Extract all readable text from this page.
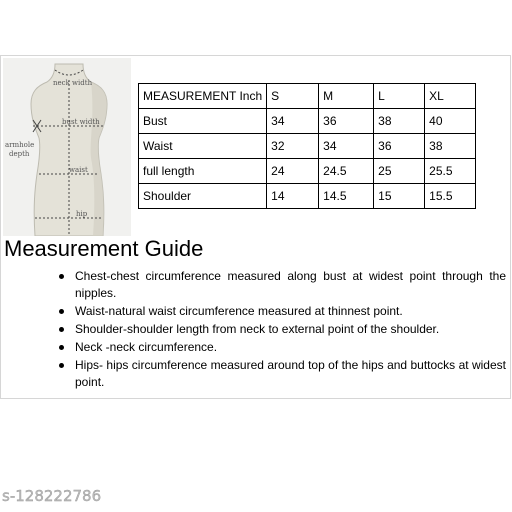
neck width
bust width
armhole
depth
waist
hip
MEASUREMENT Inch	S	M	L	XL
Bust	34	36	38	40
Waist	32	34	36	38
full length	24	24.5	25	25.5
Shoulder	14	14.5	15	15.5
Measurement Guide
Chest-chest circumference measured along bust at widest point through the nipples.
Waist-natural waist circumference measured at thinnest point.
Shoulder-shoulder length from neck to external point of the shoulder.
Neck -neck circumference.
Hips- hips circumference measured around top of the hips and buttocks at widest point.
s-128222786
